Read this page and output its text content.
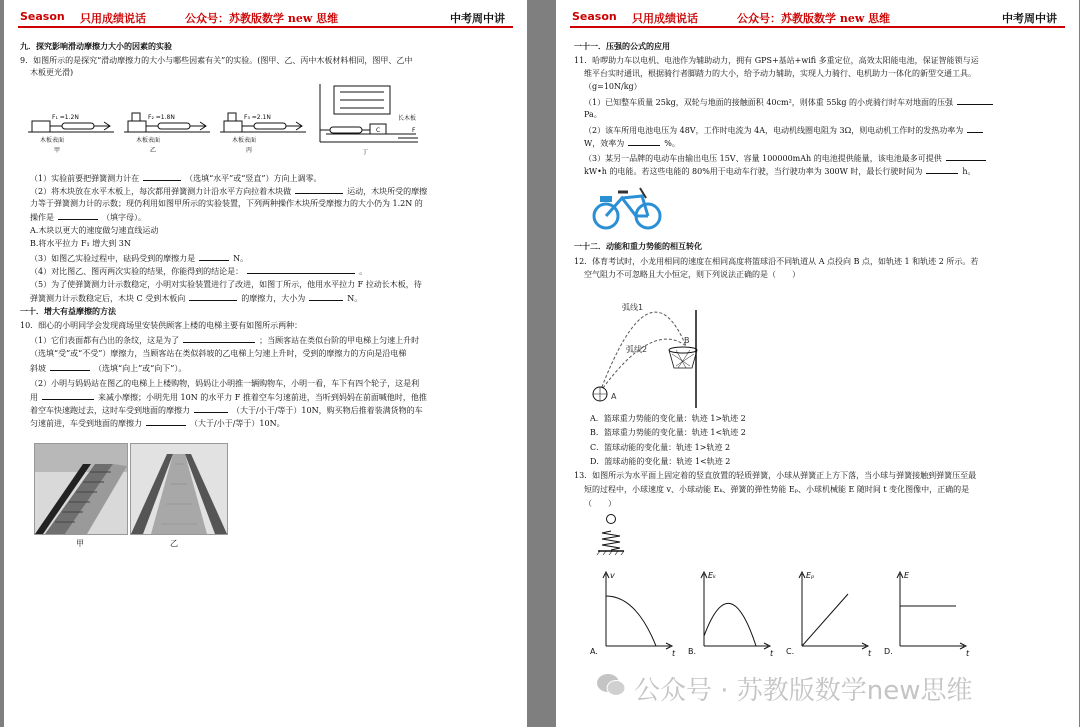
Season 只用成绩说话	公众号：苏教版数学 new 思维	中考周中讲
九．探究影响滑动摩擦力大小的因素的实验
9．如图所示的是探究“滑动摩擦力的大小与哪些因素有关”的实验。(图甲、乙、丙中木板材料相同，图甲、乙中
木板更光滑)
F₁ =1.2N
木板表面
甲
F₂ =1.8N
木板表面
乙
F₃ =2.1N
木板表面
丙
C
长木板
F
丁
（1）实验前要把弹簧测力计在	（选填“水平”或“竖直”）方向上调零。
（2）将木块放在水平木板上，每次都用弹簧测力计沿水平方向拉着木块做	运动，木块所受的摩擦
力等于弹簧测力计的示数；现仍利用如图甲所示的实验装置，下列两种操作木块所受摩擦力的大小仍为 1.2N 的
操作是	（填字母）。
A.木块以更大的速度做匀速直线运动
B.将水平拉力 F₁ 增大到 3N
（3）如图乙实验过程中，砝码受到的摩擦力是	N。
（4）对比图乙、图丙两次实验的结果，你能得到的结论是：	。
（5）为了使弹簧测力计示数稳定，小明对实验装置进行了改进，如图丁所示，他用水平拉力 F 拉动长木板，待
弹簧测力计示数稳定后，木块 C 受到木板向	的摩擦力，大小为	N。
一十．增大有益摩擦的方法
10．细心的小明同学会发现商场里安装供顾客上楼的电梯主要有如图所示两种：
（1）它们表面都有凸出的条纹，这是为了	；当顾客站在类似台阶的甲电梯上匀速上升时
（选填“受”或“不受”）摩擦力，当顾客站在类似斜坡的乙电梯上匀速上升时，受到的摩擦力的方向是沿电梯
斜坡	（选填“向上”或“向下”）。
（2）小明与妈妈站在图乙的电梯上上楼购物，妈妈让小明推一辆购物车，小明一看，车下有四个轮子，这是利
用	来减小摩擦；小明先用 10N 的水平力 F 推着空车匀速前进，当听到妈妈在前面喊他时，他推
着空车快速跑过去，这时车受到地面的摩擦力	（大于/小于/等于）10N，购买物后推着装满货物的车
匀速前进，车受到地面的摩擦力	（大于/小于/等于）10N。
甲	乙
Season 只用成绩说话	公众号：苏教版数学 new 思维	中考周中讲
一十一．压强的公式的应用
11．哈啰助力车以电机、电池作为辅助动力，拥有 GPS+基站+wifi 多重定位，高效太阳能电池，保证智能锁与运
维平台实时通讯，根据骑行者脚踏力的大小，给予动力辅助，实现人力骑行、电机助力一体化的新型交通工具。
（g=10N/kg）
（1）已知整车质量 25kg，双轮与地面的接触面积 40cm²，则体重 55kg 的小虎骑行时车对地面的压强
Pa。
（2）该车所用电池电压为 48V，工作时电流为 4A，电动机线圈电阻为 3Ω，则电动机工作时的发热功率为
W，效率为	%。
（3）某另一品牌的电动车由输出电压 15V、容量 100000mAh 的电池提供能量，该电池最多可提供
kW•h 的电能。若这些电能的 80%用于电动车行驶，当行驶功率为 300W 时，最长行驶时间为	h。
一十二．动能和重力势能的相互转化
12．体育考试时，小龙用相同的速度在相同高度将篮球沿不同轨道从 A 点投向 B 点，如轨迹 1 和轨迹 2 所示。若
空气阻力不可忽略且大小恒定，则下列说法正确的是（　　）
弧线1
弧线2
A
B
A．篮球重力势能的变化量：轨迹 1>轨迹 2
B．篮球重力势能的变化量：轨迹 1<轨迹 2
C．篮球动能的变化量：轨迹 1>轨迹 2
D．篮球动能的变化量：轨迹 1<轨迹 2
13．如图所示为水平面上固定着的竖直放置的轻质弹簧，小球从弹簧正上方下落，当小球与弹簧接触到弹簧压至最
短的过程中，小球速度 v、小球动能 Eₖ、弹簧的弹性势能 Eₚ、小球机械能 E 随时间 t 变化图像中，正确的是
（　　）
v	Eₖ	Eₚ	E
t	t	t	t
A.	B.	C.	D.
公众号 · 苏教版数学new思维
